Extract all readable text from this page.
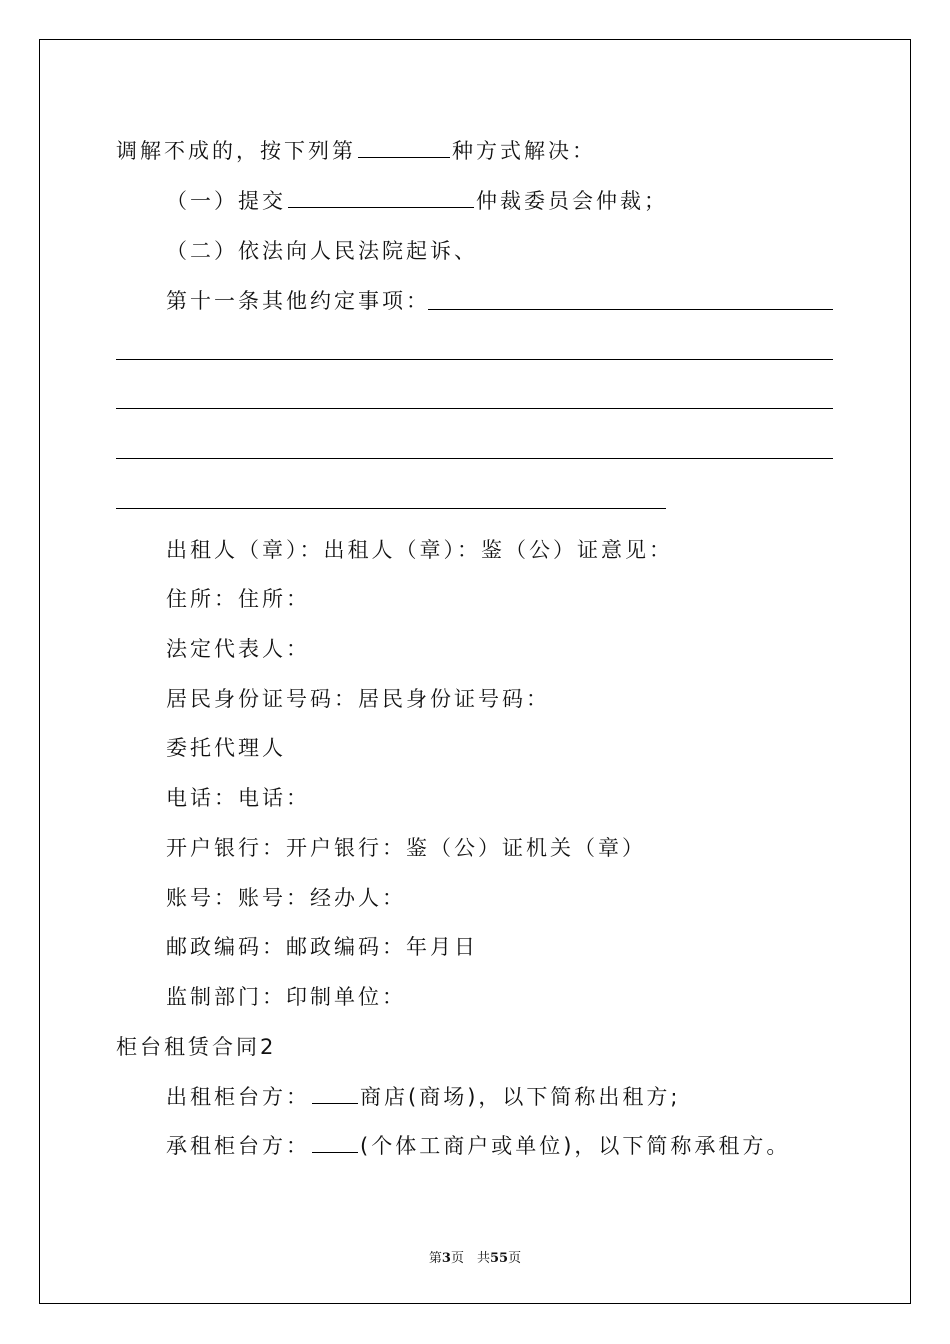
调解不成的，按下列第	种方式解决：
（一）提交	仲裁委员会仲裁；
（二）依法向人民法院起诉、
第十一条其他约定事项：
出租人（章）：出租人（章）：鉴（公）证意见：
住所：住所：
法定代表人：
居民身份证号码：居民身份证号码：
委托代理人
电话：电话：
开户银行：开户银行：鉴（公）证机关（章）
账号：账号：经办人：
邮政编码：邮政编码：年月日
监制部门：印制单位：
柜台租赁合同2
出租柜台方： 商店(商场)，以下简称出租方;
承租柜台方： (个体工商户或单位)，以下简称承租方。
第3页　共55页
